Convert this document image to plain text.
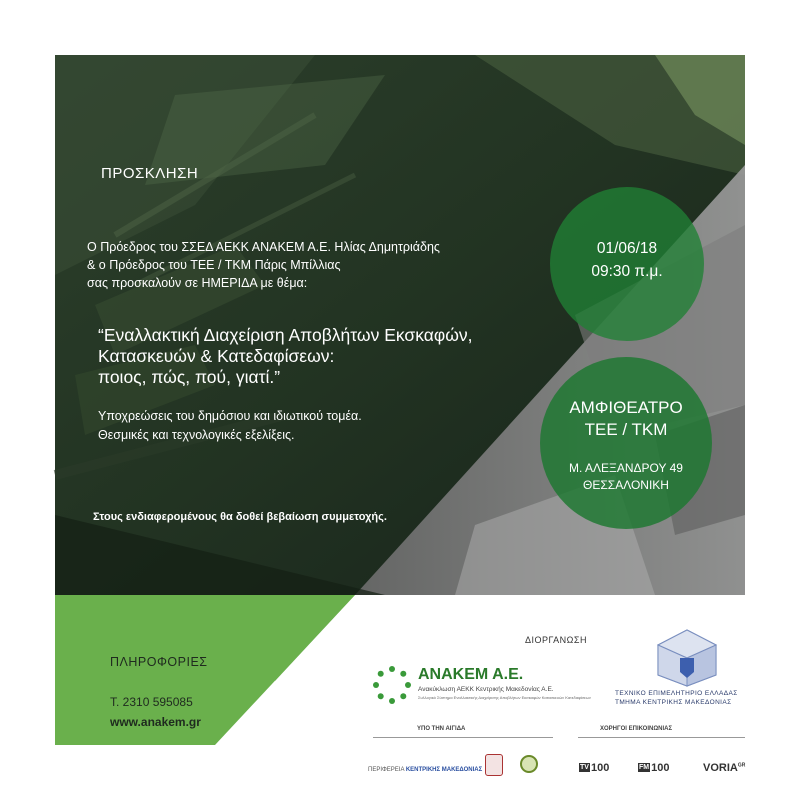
ΠΡΟΣΚΛΗΣΗ
Ο Πρόεδρος του ΣΣΕΔ ΑΕΚΚ ΑΝΑΚΕΜ Α.Ε. Ηλίας Δημητριάδης
& ο Πρόεδρος του ΤΕΕ / ΤΚΜ Πάρις Μπίλλιας
σας προσκαλούν σε ΗΜΕΡΙΔΑ με θέμα:
“Εναλλακτική Διαχείριση Αποβλήτων Εκσκαφών,
Κατασκευών & Κατεδαφίσεων:
ποιος, πώς, πού, γιατί.”
Υποχρεώσεις του δημόσιου και ιδιωτικού τομέα.
Θεσμικές και τεχνολογικές εξελίξεις.
Στους ενδιαφερομένους θα δοθεί βεβαίωση συμμετοχής.
01/06/18
09:30 π.μ.
ΑΜΦΙΘΕΑΤΡΟ
ΤΕΕ / ΤΚΜ
Μ. ΑΛΕΞΑΝΔΡΟΥ 49
ΘΕΣΣΑΛΟΝΙΚΗ
ΠΛΗΡΟΦΟΡΙΕΣ
Τ. 2310 595085
www.anakem.gr
ΔΙΟΡΓΑΝΩΣΗ
ΑΝΑΚΕΜ Α.Ε.
Ανακύκλωση ΑΕΚΚ Κεντρικής Μακεδονίας Α.Ε.
Συλλογικό Σύστημα Εναλλακτικής Διαχείρισης Αποβλήτων Εκσκαφών Κατασκευών Κατεδαφίσεων
ΤΕΧΝΙΚΟ ΕΠΙΜΕΛΗΤΗΡΙΟ ΕΛΛΑΔΑΣ
ΤΜΗΜΑ ΚΕΝΤΡΙΚΗΣ ΜΑΚΕΔΟΝΙΑΣ
ΥΠΟ ΤΗΝ ΑΙΓΙΔΑ
ΠΕΡΙΦΕΡΕΙΑ ΚΕΝΤΡΙΚΗΣ ΜΑΚΕΔΟΝΙΑΣ
ΧΟΡΗΓΟΙ ΕΠΙΚΟΙΝΩΝΙΑΣ
TV 100	FM 100	$VORIA^{GR}$
